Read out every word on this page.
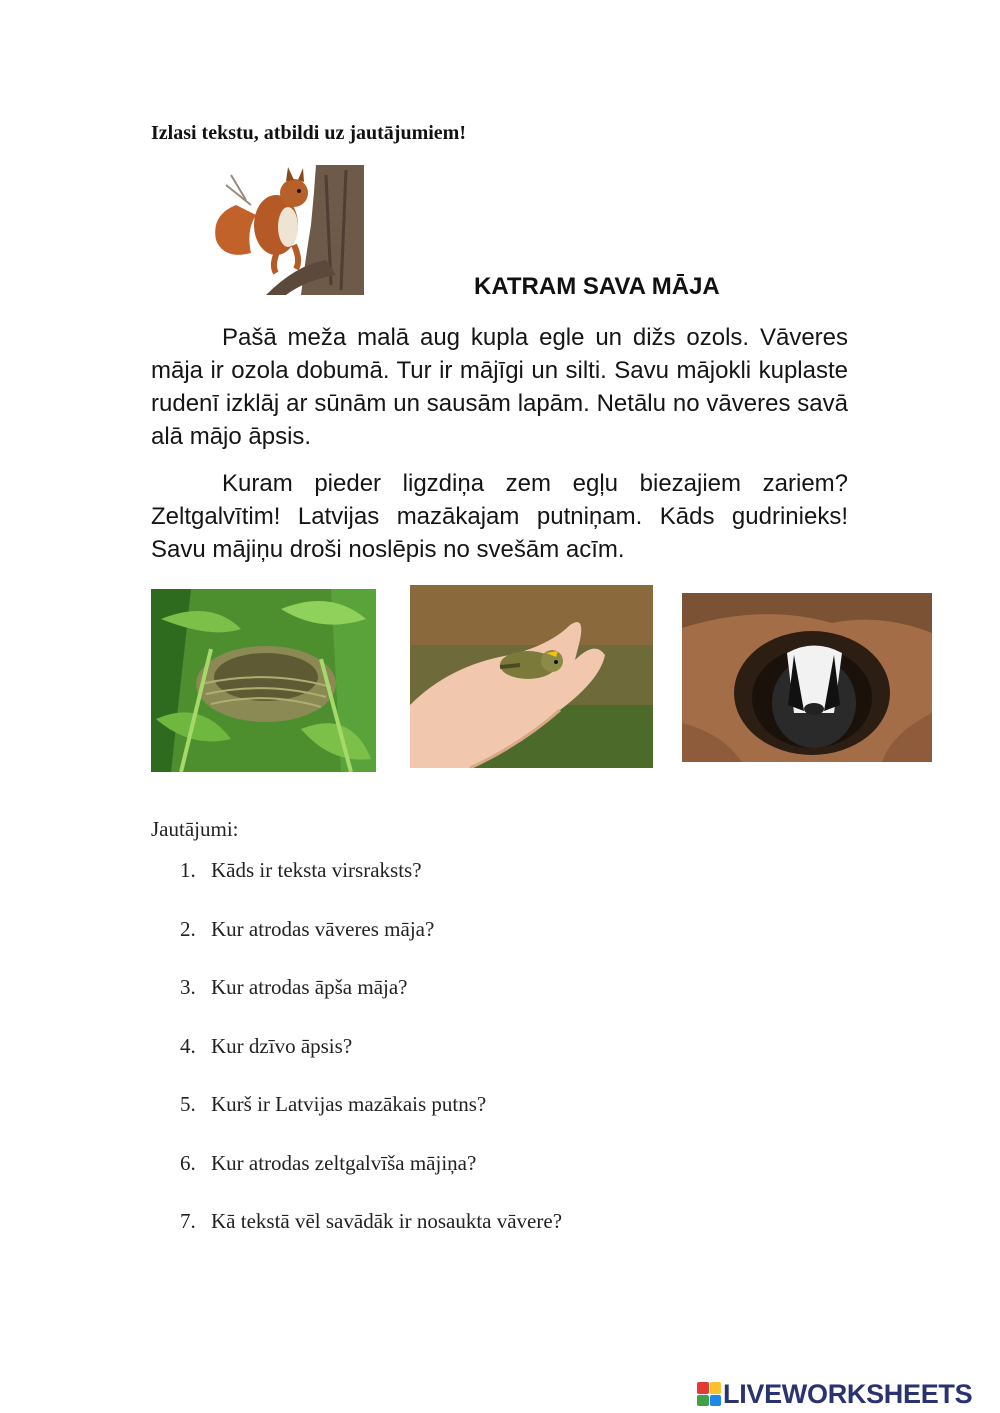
Izlasi tekstu, atbildi uz jautājumiem!
KATRAM SAVA MĀJA

Pašā meža malā aug kupla egle un dižs ozols. Vāveres māja ir ozola dobumā. Tur ir mājīgi un silti. Savu mājokli kuplaste rudenī izklāj ar sūnām un sausām lapām. Netālu no vāveres savā alā mājo āpsis.

Kuram pieder ligzdiņa zem egļu biezajiem zariem? Zeltgalvītim! Latvijas mazākajam putniņam. Kāds gudrinieks! Savu mājiņu droši noslēpis no svešām acīm.

Jautājumi:
1. Kāds ir teksta virsraksts?
2. Kur atrodas vāveres māja?
3. Kur atrodas āpša māja?
4. Kur dzīvo āpsis?
5. Kurš ir Latvijas mazākais putns?
6. Kur atrodas zeltgalvīša mājiņa?
7. Kā tekstā vēl savādāk ir nosaukta vāvere?
LIVEWORKSHEETS
